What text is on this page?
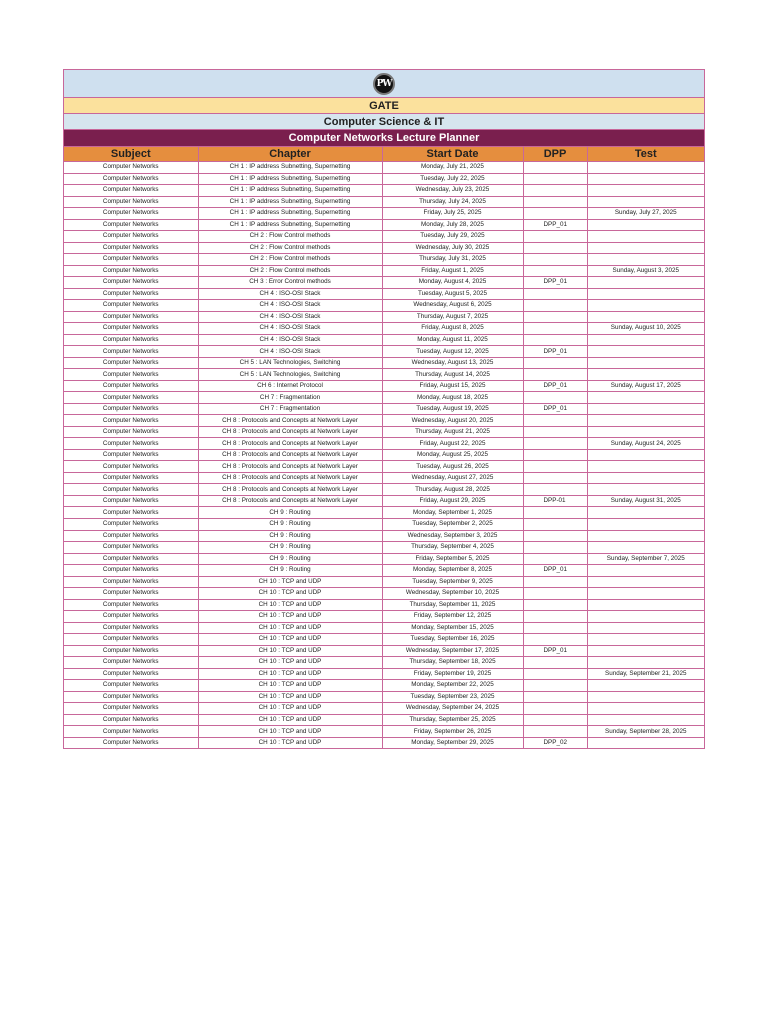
PW
GATE
Computer Science & IT
Computer Networks Lecture Planner
Subject	Chapter	Start Date	DPP	Test
Computer Networks	CH 1 : IP address Subnetting, Supernetting	Monday, July 21, 2025		
Computer Networks	CH 1 : IP address Subnetting, Supernetting	Tuesday, July 22, 2025		
Computer Networks	CH 1 : IP address Subnetting, Supernetting	Wednesday, July 23, 2025		
Computer Networks	CH 1 : IP address Subnetting, Supernetting	Thursday, July 24, 2025		
Computer Networks	CH 1 : IP address Subnetting, Supernetting	Friday, July 25, 2025		Sunday, July 27, 2025
Computer Networks	CH 1 : IP address Subnetting, Supernetting	Monday, July 28, 2025	DPP_01	
Computer Networks	CH 2 : Flow Control methods	Tuesday, July 29, 2025		
Computer Networks	CH 2 : Flow Control methods	Wednesday, July 30, 2025		
Computer Networks	CH 2 : Flow Control methods	Thursday, July 31, 2025		
Computer Networks	CH 2 : Flow Control methods	Friday, August 1, 2025		Sunday, August 3, 2025
Computer Networks	CH 3 : Error Control methods	Monday, August 4, 2025	DPP_01	
Computer Networks	CH 4 : ISO-OSI Stack	Tuesday, August 5, 2025		
Computer Networks	CH 4 : ISO-OSI Stack	Wednesday, August 6, 2025		
Computer Networks	CH 4 : ISO-OSI Stack	Thursday, August 7, 2025		
Computer Networks	CH 4 : ISO-OSI Stack	Friday, August 8, 2025		Sunday, August 10, 2025
Computer Networks	CH 4 : ISO-OSI Stack	Monday, August 11, 2025		
Computer Networks	CH 4 : ISO-OSI Stack	Tuesday, August 12, 2025	DPP_01	
Computer Networks	CH 5 : LAN Technologies, Switching	Wednesday, August 13, 2025		
Computer Networks	CH 5 : LAN Technologies, Switching	Thursday, August 14, 2025		
Computer Networks	CH 6 : Internet Protocol	Friday, August 15, 2025	DPP_01	Sunday, August 17, 2025
Computer Networks	CH 7 : Fragmentation	Monday, August 18, 2025		
Computer Networks	CH 7 : Fragmentation	Tuesday, August 19, 2025	DPP_01	
Computer Networks	CH 8 : Protocols and Concepts at Network Layer	Wednesday, August 20, 2025		
Computer Networks	CH 8 : Protocols and Concepts at Network Layer	Thursday, August 21, 2025		
Computer Networks	CH 8 : Protocols and Concepts at Network Layer	Friday, August 22, 2025		Sunday, August 24, 2025
Computer Networks	CH 8 : Protocols and Concepts at Network Layer	Monday, August 25, 2025		
Computer Networks	CH 8 : Protocols and Concepts at Network Layer	Tuesday, August 26, 2025		
Computer Networks	CH 8 : Protocols and Concepts at Network Layer	Wednesday, August 27, 2025		
Computer Networks	CH 8 : Protocols and Concepts at Network Layer	Thursday, August 28, 2025		
Computer Networks	CH 8 : Protocols and Concepts at Network Layer	Friday, August 29, 2025	DPP-01	Sunday, August 31, 2025
Computer Networks	CH 9 : Routing	Monday, September 1, 2025		
Computer Networks	CH 9 : Routing	Tuesday, September 2, 2025		
Computer Networks	CH 9 : Routing	Wednesday, September 3, 2025		
Computer Networks	CH 9 : Routing	Thursday, September 4, 2025		
Computer Networks	CH 9 : Routing	Friday, September 5, 2025		Sunday, September 7, 2025
Computer Networks	CH 9 : Routing	Monday, September 8, 2025	DPP_01	
Computer Networks	CH 10 : TCP and UDP	Tuesday, September 9, 2025		
Computer Networks	CH 10 : TCP and UDP	Wednesday, September 10, 2025		
Computer Networks	CH 10 : TCP and UDP	Thursday, September 11, 2025		
Computer Networks	CH 10 : TCP and UDP	Friday, September 12, 2025		
Computer Networks	CH 10 : TCP and UDP	Monday, September 15, 2025		
Computer Networks	CH 10 : TCP and UDP	Tuesday, September 16, 2025		
Computer Networks	CH 10 : TCP and UDP	Wednesday, September 17, 2025	DPP_01	
Computer Networks	CH 10 : TCP and UDP	Thursday, September 18, 2025		
Computer Networks	CH 10 : TCP and UDP	Friday, September 19, 2025		Sunday, September 21, 2025
Computer Networks	CH 10 : TCP and UDP	Monday, September 22, 2025		
Computer Networks	CH 10 : TCP and UDP	Tuesday, September 23, 2025		
Computer Networks	CH 10 : TCP and UDP	Wednesday, September 24, 2025		
Computer Networks	CH 10 : TCP and UDP	Thursday, September 25, 2025		
Computer Networks	CH 10 : TCP and UDP	Friday, September 26, 2025		Sunday, September 28, 2025
Computer Networks	CH 10 : TCP and UDP	Monday, September 29, 2025	DPP_02	
